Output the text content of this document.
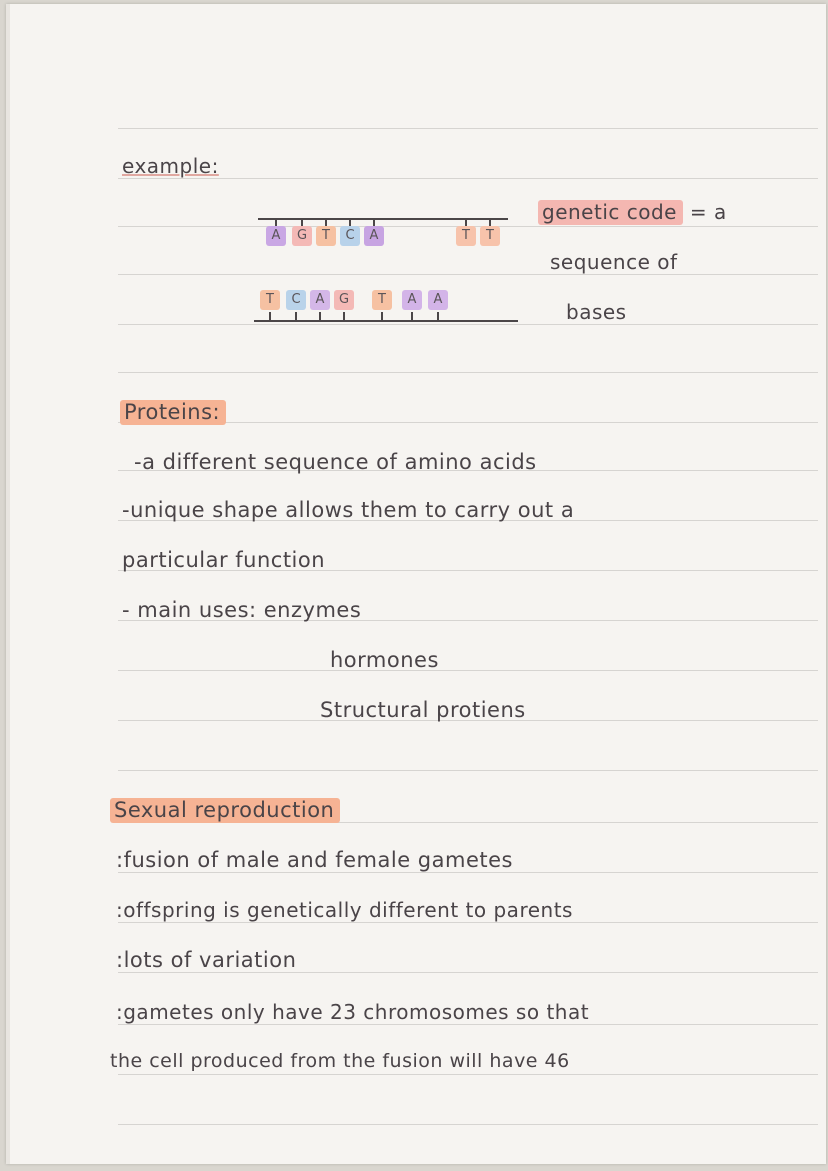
example:
A	G	T	C	A	T	T
T	C	A	G	T	A	A
genetic code = a
sequence of
bases
Proteins:
-a different sequence of amino acids
-unique shape allows them to carry out a
particular function
- main uses: enzymes
hormones
Structural protiens
Sexual reproduction
:fusion of male and female gametes
:offspring is genetically different to parents
:lots of variation
:gametes only have 23 chromosomes so that
the cell produced from the fusion will have 46
